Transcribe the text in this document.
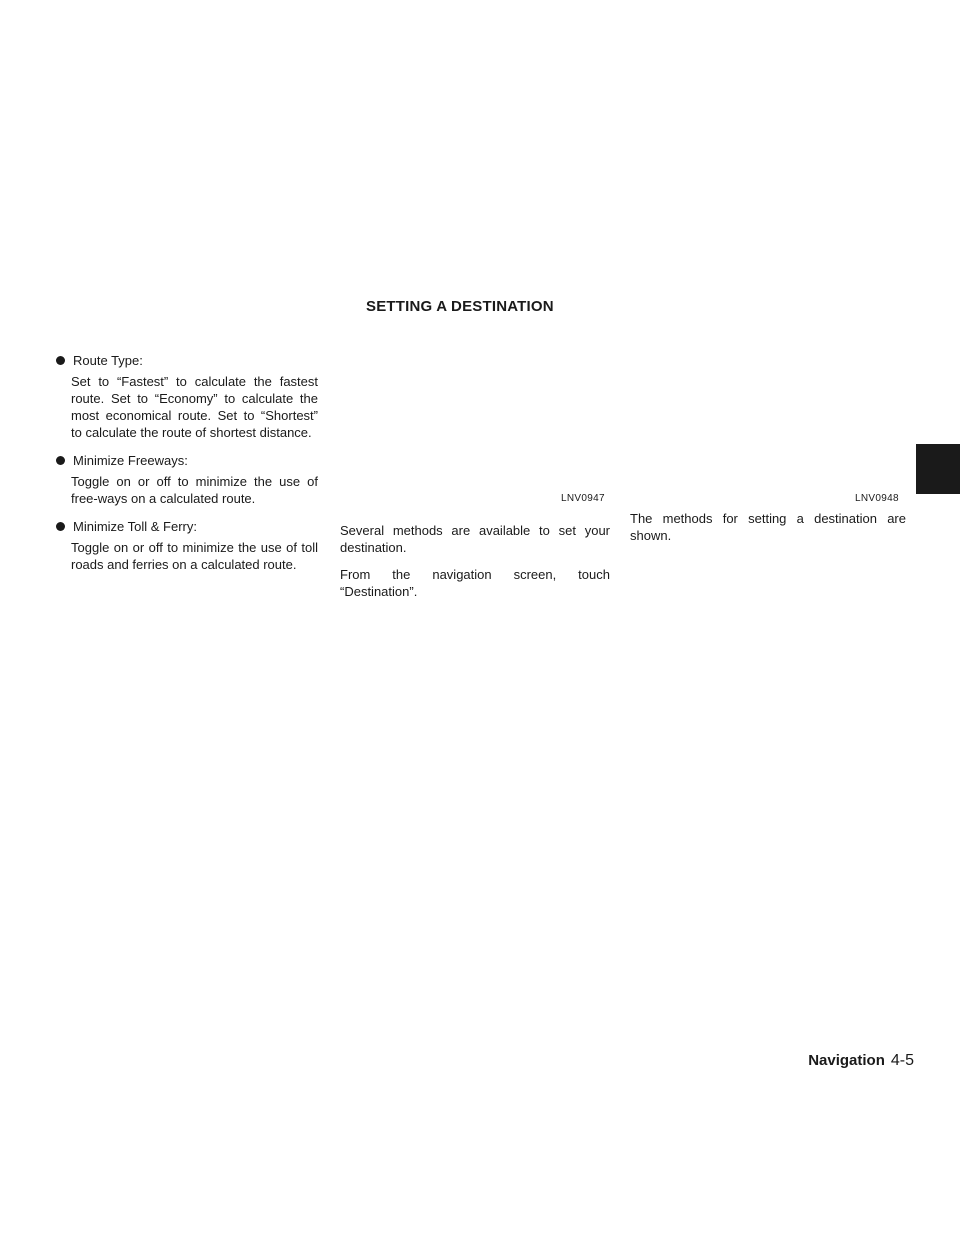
SETTING A DESTINATION
Route Type:
Set to “Fastest” to calculate the fastest route. Set to “Economy” to calculate the most economical route. Set to “Shortest” to calculate the route of shortest distance.
Minimize Freeways:
Toggle on or off to minimize the use of free-ways on a calculated route.
Minimize Toll & Ferry:
Toggle on or off to minimize the use of toll roads and ferries on a calculated route.
LNV0947	LNV0948

Several methods are available to set your destination.

From the navigation screen, touch “Destination”.

The methods for setting a destination are shown.

Navigation 4-5
